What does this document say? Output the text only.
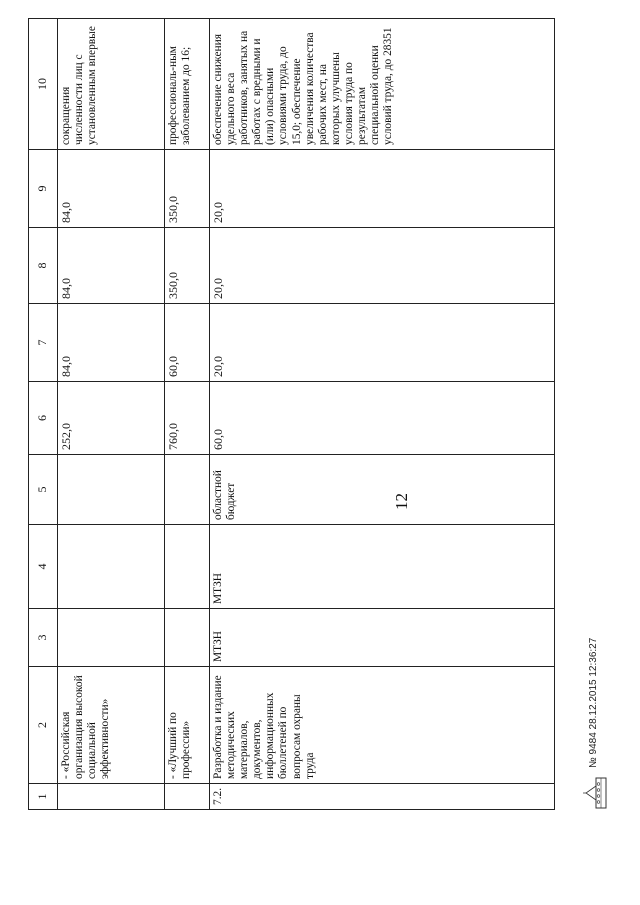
12
1	2	3	4	5	6	7	8	9	10
	- «Российская организация высокой социальной эффективности»				252,0	84,0	84,0	84,0	сокращения численности лиц с установленным впервые
	- «Лучший по профессии»				760,0	60,0	350,0	350,0	профессиональ-ным заболеванием до 16;
7.2.	Разработка и издание методических материалов, документов, информационных бюллетеней по вопросам охраны труда	МТЗН	МТЗН	областной бюджет	60,0	20,0	20,0	20,0	обеспечение снижения удельного веса работников, занятых на работах с вредными и (или) опасными условиями труда, до 15,0; обеспечение увеличения количества рабочих мест, на которых улучшены условия труда по результатам специальной оценки условий труда, до 28351
№ 9484 28.12.2015 12:36:27
